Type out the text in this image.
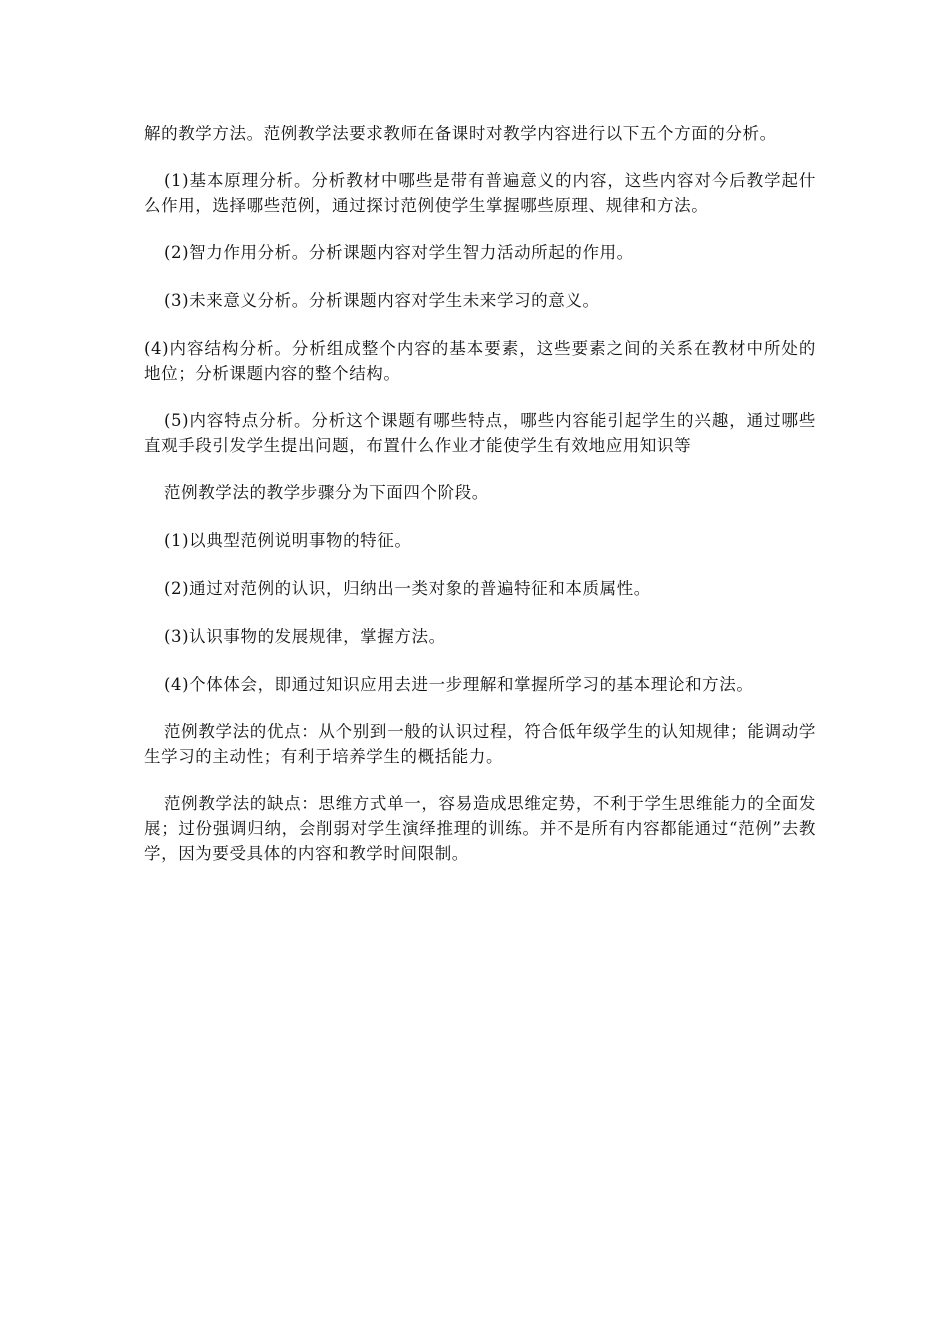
解的教学方法。范例教学法要求教师在备课时对教学内容进行以下五个方面的分析。

(1)基本原理分析。分析教材中哪些是带有普遍意义的内容，这些内容对今后教学起什么作用，选择哪些范例，通过探讨范例使学生掌握哪些原理、规律和方法。

(2)智力作用分析。分析课题内容对学生智力活动所起的作用。

(3)未来意义分析。分析课题内容对学生未来学习的意义。

(4)内容结构分析。分析组成整个内容的基本要素，这些要素之间的关系在教材中所处的地位；分析课题内容的整个结构。

(5)内容特点分析。分析这个课题有哪些特点，哪些内容能引起学生的兴趣，通过哪些直观手段引发学生提出问题，布置什么作业才能使学生有效地应用知识等

范例教学法的教学步骤分为下面四个阶段。

(1)以典型范例说明事物的特征。

(2)通过对范例的认识，归纳出一类对象的普遍特征和本质属性。

(3)认识事物的发展规律，掌握方法。

(4)个体体会，即通过知识应用去进一步理解和掌握所学习的基本理论和方法。

范例教学法的优点：从个别到一般的认识过程，符合低年级学生的认知规律；能调动学生学习的主动性；有利于培养学生的概括能力。

范例教学法的缺点：思维方式单一，容易造成思维定势，不利于学生思维能力的全面发展；过份强调归纳，会削弱对学生演绎推理的训练。并不是所有内容都能通过“范例”去教学，因为要受具体的内容和教学时间限制。
